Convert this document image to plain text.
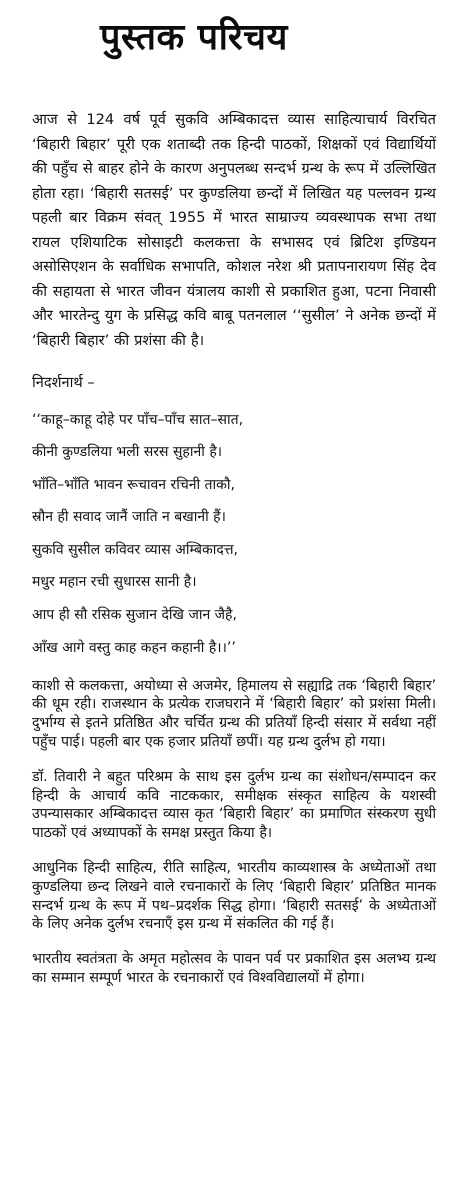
पुस्तक परिचय

आज से 124 वर्ष पूर्व सुकवि अम्बिकादत्त व्यास साहित्याचार्य विरचित ‘बिहारी बिहार’ पूरी एक शताब्दी तक हिन्दी पाठकों, शिक्षकों एवं विद्यार्थियों की पहुँच से बाहर होने के कारण अनुपलब्ध सन्दर्भ ग्रन्थ के रूप में उल्लिखित होता रहा। ‘बिहारी सतसई’ पर कुण्डलिया छन्दों में लिखित यह पल्लवन ग्रन्थ पहली बार विक्रम संवत् 1955 में भारत साम्राज्य व्यवस्थापक सभा तथा रायल एशियाटिक सोसाइटी कलकत्ता के सभासद एवं ब्रिटिश इण्डियन असोसिएशन के सर्वाधिक सभापति, कोशल नरेश श्री प्रतापनारायण सिंह देव की सहायता से भारत जीवन यंत्रालय काशी से प्रकाशित हुआ, पटना निवासी और भारतेन्दु युग के प्रसिद्ध कवि बाबू पतनलाल ‘‘सुसील’ ने अनेक छन्दों में ‘बिहारी बिहार’ की प्रशंसा की है।

निदर्शनार्थ –

‘‘काहू–काहू दोहे पर पाँच–पाँच सात–सात,
कीनी कुण्डलिया भली सरस सुहानी है।
भाँति–भाँति भावन रूचावन रचिनी ताकौ,
स्रौन ही सवाद जानैं जाति न बखानी हैं।
सुकवि सुसील कविवर व्यास अम्बिकादत्त,
मधुर महान रची सुधारस सानी है।
आप ही सौ रसिक सुजान देखि जान जैहै,
आँख आगे वस्तु काह कहन कहानी है।।’’

काशी से कलकत्ता, अयोध्या से अजमेर, हिमालय से सह्याद्रि तक ‘बिहारी बिहार’ की धूम रही। राजस्थान के प्रत्येक राजघराने में ‘बिहारी बिहार’ को प्रशंसा मिली। दुर्भाग्य से इतने प्रतिष्ठित और चर्चित ग्रन्थ की प्रतियाँ हिन्दी संसार में सर्वथा नहीं पहुँच पाई। पहली बार एक हजार प्रतियाँ छपीं। यह ग्रन्थ दुर्लभ हो गया।

डॉ. तिवारी ने बहुत परिश्रम के साथ इस दुर्लभ ग्रन्थ का संशोधन/सम्पादन कर हिन्दी के आचार्य कवि नाटककार, समीक्षक संस्कृत साहित्य के यशस्वी उपन्यासकार अम्बिकादत्त व्यास कृत ‘बिहारी बिहार’ का प्रमाणित संस्करण सुधी पाठकों एवं अध्यापकों के समक्ष प्रस्तुत किया है।

आधुनिक हिन्दी साहित्य, रीति साहित्य, भारतीय काव्यशास्त्र के अध्येताओं तथा कुण्डलिया छन्द लिखने वाले रचनाकारों के लिए ‘बिहारी बिहार’ प्रतिष्ठित मानक सन्दर्भ ग्रन्थ के रूप में पथ–प्रदर्शक सिद्ध होगा। ‘बिहारी सतसई’ के अध्येताओं के लिए अनेक दुर्लभ रचनाएँ इस ग्रन्थ में संकलित की गई हैं।

भारतीय स्वतंत्रता के अमृत महोत्सव के पावन पर्व पर प्रकाशित इस अलभ्य ग्रन्थ का सम्मान सम्पूर्ण भारत के रचनाकारों एवं विश्वविद्यालयों में होगा।
